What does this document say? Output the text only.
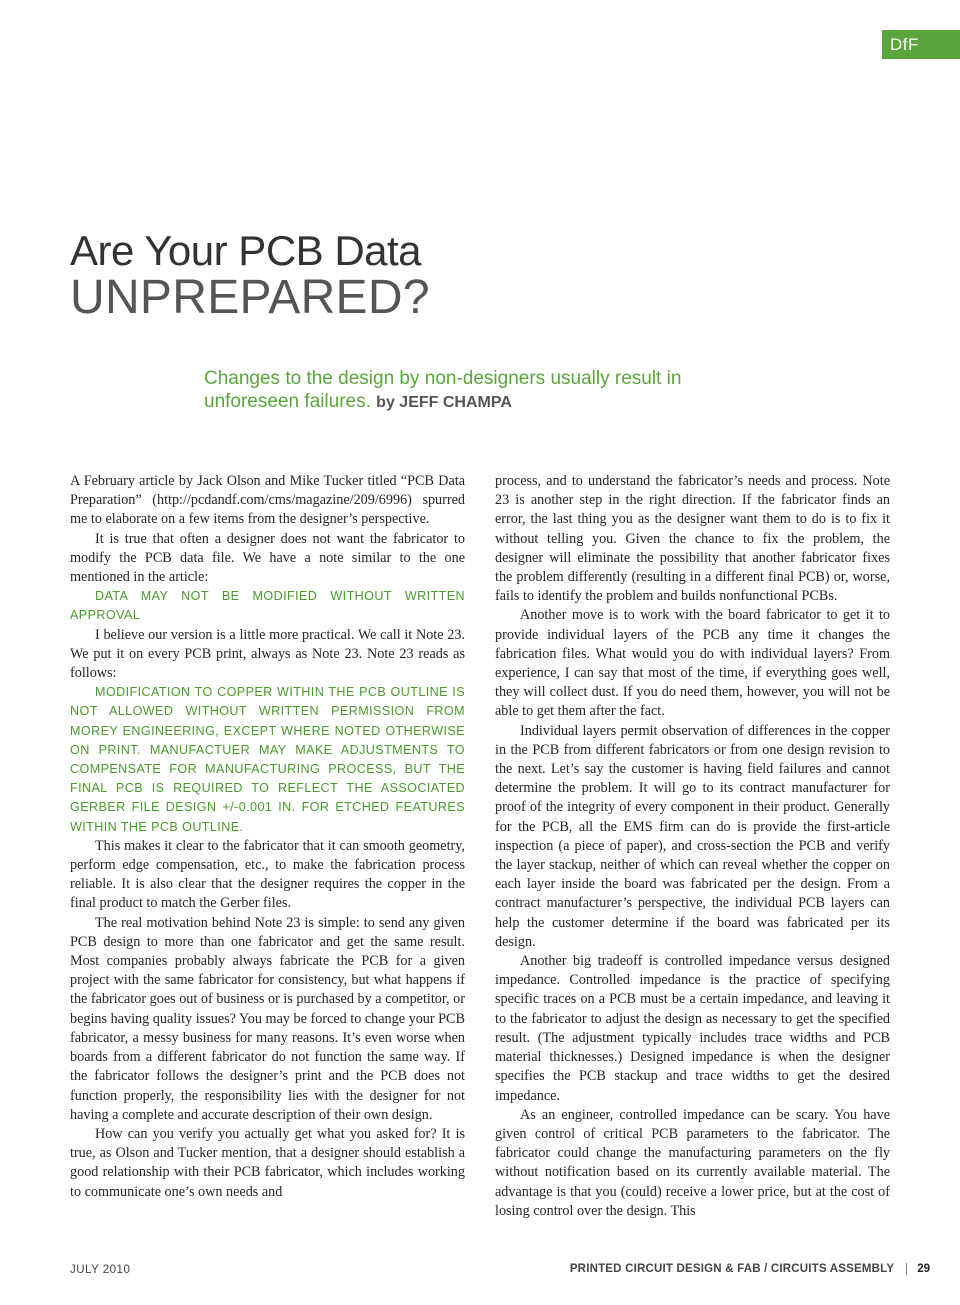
DfF
Are Your PCB Data
UNPREPARED?
Changes to the design by non-designers usually result in unforeseen failures. by JEFF CHAMPA

A February article by Jack Olson and Mike Tucker titled “PCB Data Preparation” (http://pcdandf.com/cms/magazine/209/6996) spurred me to elaborate on a few items from the designer’s perspective.

It is true that often a designer does not want the fabricator to modify the PCB data file. We have a note similar to the one mentioned in the article:

DATA MAY NOT BE MODIFIED WITHOUT WRITTEN APPROVAL

I believe our version is a little more practical. We call it Note 23. We put it on every PCB print, always as Note 23. Note 23 reads as follows:

MODIFICATION TO COPPER WITHIN THE PCB OUTLINE IS NOT ALLOWED WITHOUT WRITTEN PERMISSION FROM MOREY ENGINEERING, EXCEPT WHERE NOTED OTHERWISE ON PRINT. MANUFACTUER MAY MAKE ADJUSTMENTS TO COMPENSATE FOR MANUFACTURING PROCESS, BUT THE FINAL PCB IS REQUIRED TO REFLECT THE ASSOCIATED GERBER FILE DESIGN +/-0.001 IN. FOR ETCHED FEATURES WITHIN THE PCB OUTLINE.

This makes it clear to the fabricator that it can smooth geometry, perform edge compensation, etc., to make the fabrication process reliable. It is also clear that the designer requires the copper in the final product to match the Gerber files.

The real motivation behind Note 23 is simple: to send any given PCB design to more than one fabricator and get the same result. Most companies probably always fabricate the PCB for a given project with the same fabricator for consistency, but what happens if the fabricator goes out of business or is purchased by a competitor, or begins having quality issues? You may be forced to change your PCB fabricator, a messy business for many reasons. It’s even worse when boards from a different fabricator do not function the same way. If the fabricator follows the designer’s print and the PCB does not function properly, the responsibility lies with the designer for not having a complete and accurate description of their own design.

How can you verify you actually get what you asked for? It is true, as Olson and Tucker mention, that a designer should establish a good relationship with their PCB fabricator, which includes working to communicate one’s own needs and

process, and to understand the fabricator’s needs and process. Note 23 is another step in the right direction. If the fabricator finds an error, the last thing you as the designer want them to do is to fix it without telling you. Given the chance to fix the problem, the designer will eliminate the possibility that another fabricator fixes the problem differently (resulting in a different final PCB) or, worse, fails to identify the problem and builds nonfunctional PCBs.

Another move is to work with the board fabricator to get it to provide individual layers of the PCB any time it changes the fabrication files. What would you do with individual layers? From experience, I can say that most of the time, if everything goes well, they will collect dust. If you do need them, however, you will not be able to get them after the fact.

Individual layers permit observation of differences in the copper in the PCB from different fabricators or from one design revision to the next. Let’s say the customer is having field failures and cannot determine the problem. It will go to its contract manufacturer for proof of the integrity of every component in their product. Generally for the PCB, all the EMS firm can do is provide the first-article inspection (a piece of paper), and cross-section the PCB and verify the layer stackup, neither of which can reveal whether the copper on each layer inside the board was fabricated per the design. From a contract manufacturer’s perspective, the individual PCB layers can help the customer determine if the board was fabricated per its design.

Another big tradeoff is controlled impedance versus designed impedance. Controlled impedance is the practice of specifying specific traces on a PCB must be a certain impedance, and leaving it to the fabricator to adjust the design as necessary to get the specified result. (The adjustment typically includes trace widths and PCB material thicknesses.) Designed impedance is when the designer specifies the PCB stackup and trace widths to get the desired impedance.

As an engineer, controlled impedance can be scary. You have given control of critical PCB parameters to the fabricator. The fabricator could change the manufacturing parameters on the fly without notification based on its currently available material. The advantage is that you (could) receive a lower price, but at the cost of losing control over the design. This

JULY 2010	PRINTED CIRCUIT DESIGN & FAB / CIRCUITS ASSEMBLY 29
